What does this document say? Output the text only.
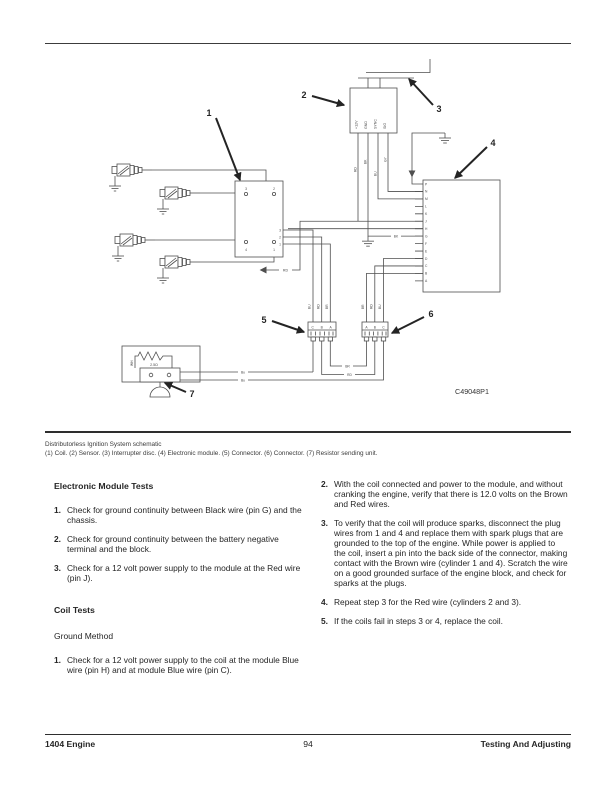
RD
3	2
4	1
3
2
1
BU RD BR
+12V GND SYNC SIG
RD
BK
BU
GY
BK
P
N
M
L
K
J
H
G
F
E
D
C
B
A
BR RD BU
C B A	A B C
BR
RD
Bu
Bu
WH	2.5Ω
1
2
3
4
5
6
7	C49048P1
Distributorless Ignition System schematic
(1) Coil. (2) Sensor. (3) Interrupter disc. (4) Electronic module. (5) Connector. (6) Connector. (7) Resistor sending unit.

Electronic Module Tests

1. Check for ground continuity between Black wire (pin G) and the chassis.
2. Check for ground continuity between the battery negative terminal and the block.
3. Check for a 12 volt power supply to the module at the Red wire (pin J).

Coil Tests

Ground Method

1. Check for a 12 volt power supply to the coil at the module Blue wire (pin H) and at module Blue wire (pin C).
2. With the coil connected and power to the module, and without cranking the engine, verify that there is 12.0 volts on the Brown and Red wires.
3. To verify that the coil will produce sparks, disconnect the plug wires from 1 and 4 and replace them with spark plugs that are grounded to the top of the engine. While power is applied to the coil, insert a pin into the back side of the connector, making contact with the Brown wire (cylinder 1 and 4). Scratch the wire on a good grounded surface of the engine block, and check for sparks at the plugs.
4. Repeat step 3 for the Red wire (cylinders 2 and 3).
5. If the coils fail in steps 3 or 4, replace the coil.
1404 Engine	94	Testing And Adjusting
